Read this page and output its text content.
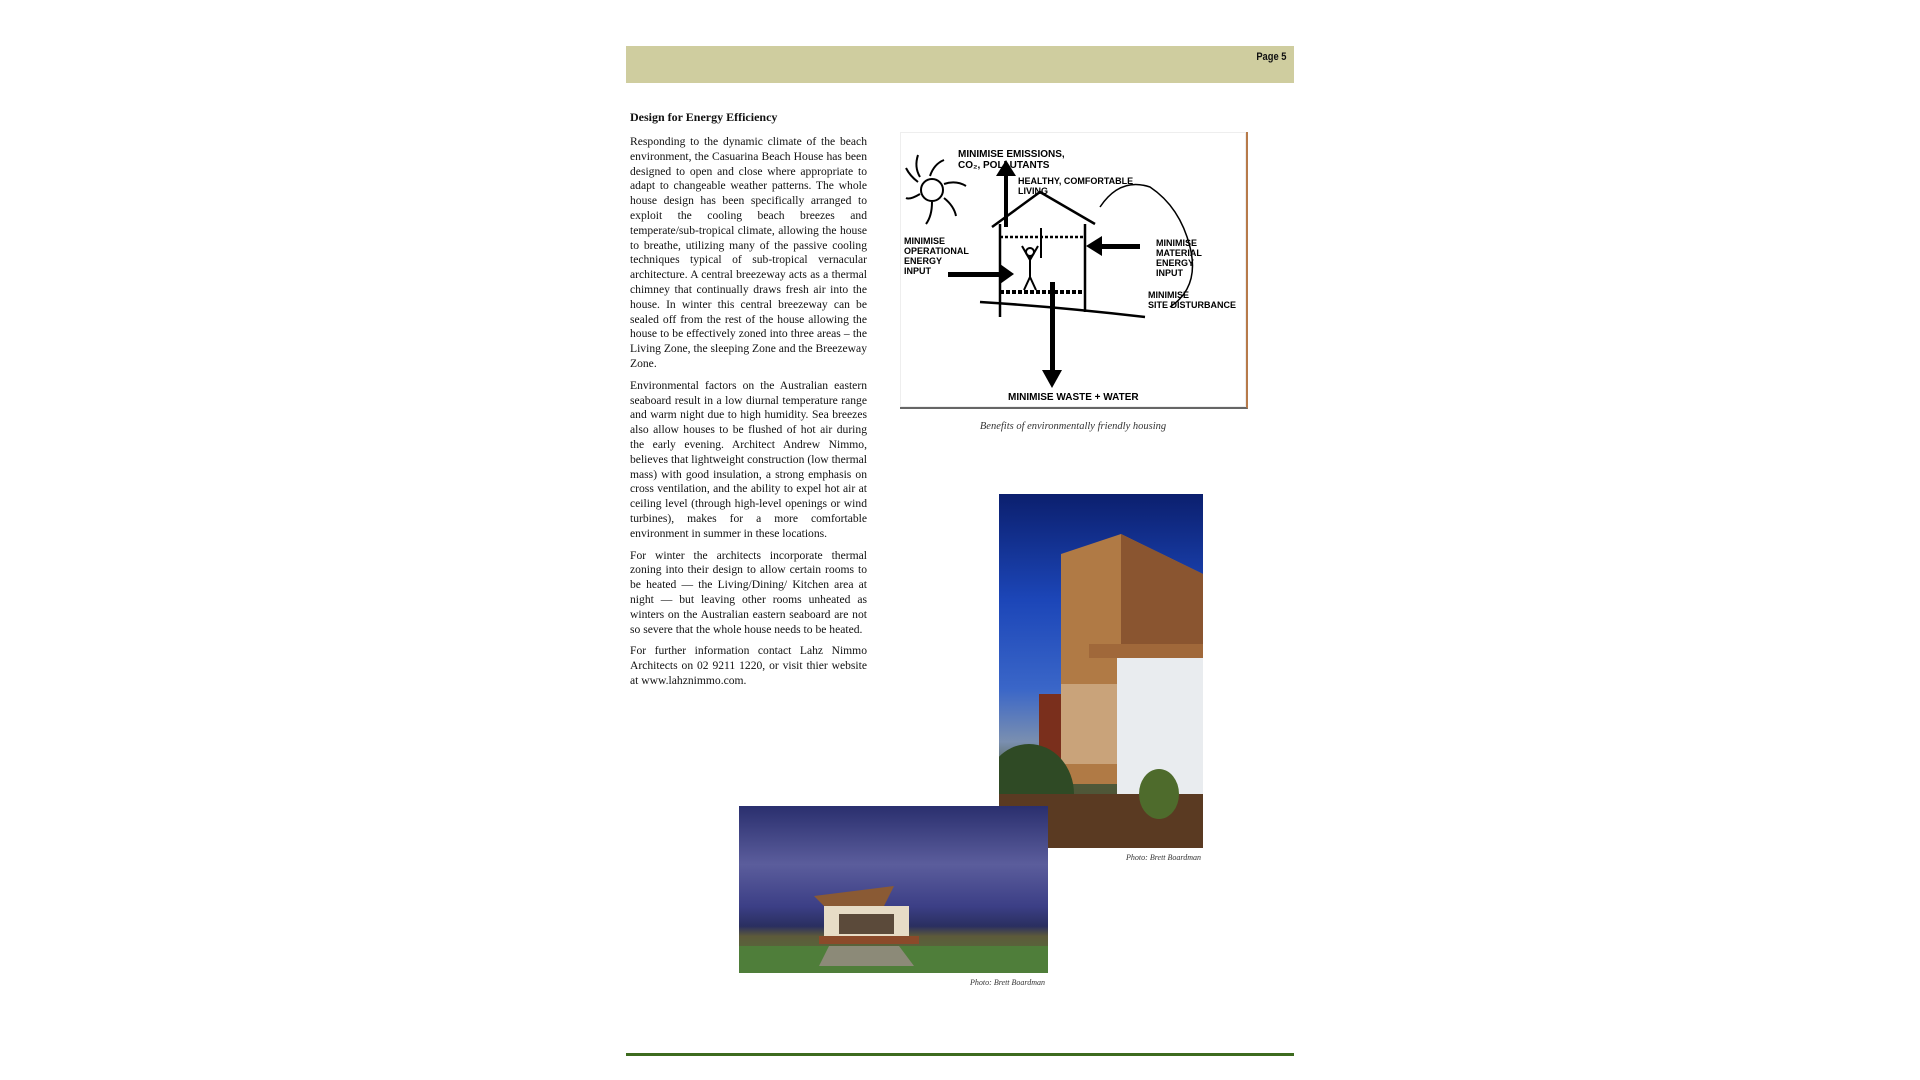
Page 5
Design for Energy Efficiency

Responding to the dynamic climate of the beach environment, the Casuarina Beach House has been designed to open and close where appropriate to adapt to changeable weather patterns. The whole house design has been specifically arranged to exploit the cooling beach breezes and temperate/sub-tropical climate, allowing the house to breathe, utilizing many of the passive cooling techniques typical of sub-tropical vernacular architecture. A central breezeway acts as a thermal chimney that continually draws fresh air into the house. In winter this central breezeway can be sealed off from the rest of the house allowing the house to be effectively zoned into three areas – the Living Zone, the sleeping Zone and the Breezeway Zone.

Environmental factors on the Australian eastern seaboard result in a low diurnal temperature range and warm night due to high humidity. Sea breezes also allow houses to be flushed of hot air during the early evening. Architect Andrew Nimmo, believes that lightweight construction (low thermal mass) with good insulation, a strong emphasis on cross ventilation, and the ability to expel hot air at ceiling level (through high-level openings or wind turbines), makes for a more comfortable environment in summer in these locations.

For winter the architects incorporate thermal zoning into their design to allow certain rooms to be heated — the Living/Dining/ Kitchen area at night — but leaving other rooms unheated as winters on the Australian eastern seaboard are not so severe that the whole house needs to be heated.

For further information contact Lahz Nimmo Architects on 02 9211 1220, or visit thier website at www.lahznimmo.com.

MINIMISE EMISSIONS,
CO₂, POLLUTANTS
HEALTHY, COMFORTABLE
LIVING
MINIMISE
OPERATIONAL
ENERGY
INPUT
MINIMISE
MATERIAL
ENERGY
INPUT
MINIMISE
SITE DISTURBANCE
MINIMISE WASTE + WATER
Benefits of environmentally friendly housing
Photo: Brett Boardman
Photo: Brett Boardman
